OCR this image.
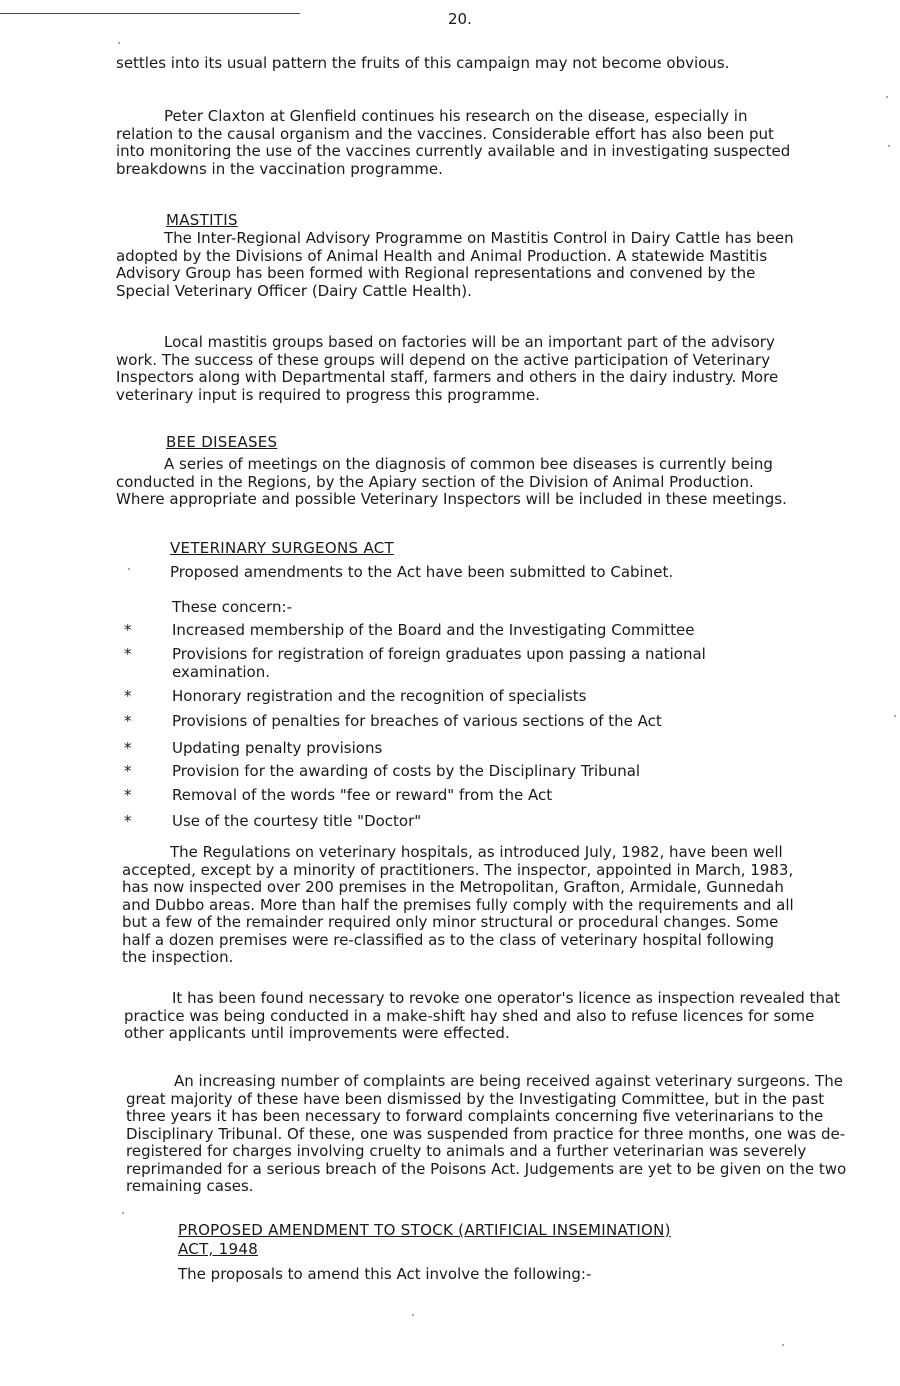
20.

settles into its usual pattern the fruits of this campaign may not become obvious.

Peter Claxton at Glenfield continues his research on the disease, especially in relation to the causal organism and the vaccines. Considerable effort has also been put into monitoring the use of the vaccines currently available and in investigating suspected breakdowns in the vaccination programme.

MASTITIS

The Inter-Regional Advisory Programme on Mastitis Control in Dairy Cattle has been adopted by the Divisions of Animal Health and Animal Production. A statewide Mastitis Advisory Group has been formed with Regional representations and convened by the Special Veterinary Officer (Dairy Cattle Health).

Local mastitis groups based on factories will be an important part of the advisory work. The success of these groups will depend on the active participation of Veterinary Inspectors along with Departmental staff, farmers and others in the dairy industry. More veterinary input is required to progress this programme.

BEE DISEASES

A series of meetings on the diagnosis of common bee diseases is currently being conducted in the Regions, by the Apiary section of the Division of Animal Production. Where appropriate and possible Veterinary Inspectors will be included in these meetings.

VETERINARY SURGEONS ACT

Proposed amendments to the Act have been submitted to Cabinet.

These concern:-

*	Increased membership of the Board and the Investigating Committee
*	Provisions for registration of foreign graduates upon passing a national examination.
*	Honorary registration and the recognition of specialists
*	Provisions of penalties for breaches of various sections of the Act
*	Updating penalty provisions
*	Provision for the awarding of costs by the Disciplinary Tribunal
*	Removal of the words "fee or reward" from the Act
*	Use of the courtesy title "Doctor"

The Regulations on veterinary hospitals, as introduced July, 1982, have been well accepted, except by a minority of practitioners. The inspector, appointed in March, 1983, has now inspected over 200 premises in the Metropolitan, Grafton, Armidale, Gunnedah and Dubbo areas. More than half the premises fully comply with the requirements and all but a few of the remainder required only minor structural or procedural changes. Some half a dozen premises were re-classified as to the class of veterinary hospital following the inspection.

It has been found necessary to revoke one operator's licence as inspection revealed that practice was being conducted in a make-shift hay shed and also to refuse licences for some other applicants until improvements were effected.

An increasing number of complaints are being received against veterinary surgeons. The great majority of these have been dismissed by the Investigating Committee, but in the past three years it has been necessary to forward complaints concerning five veterinarians to the Disciplinary Tribunal. Of these, one was suspended from practice for three months, one was de-registered for charges involving cruelty to animals and a further veterinarian was severely reprimanded for a serious breach of the Poisons Act. Judgements are yet to be given on the two remaining cases.

PROPOSED AMENDMENT TO STOCK (ARTIFICIAL INSEMINATION)

ACT, 1948

The proposals to amend this Act involve the following:-
